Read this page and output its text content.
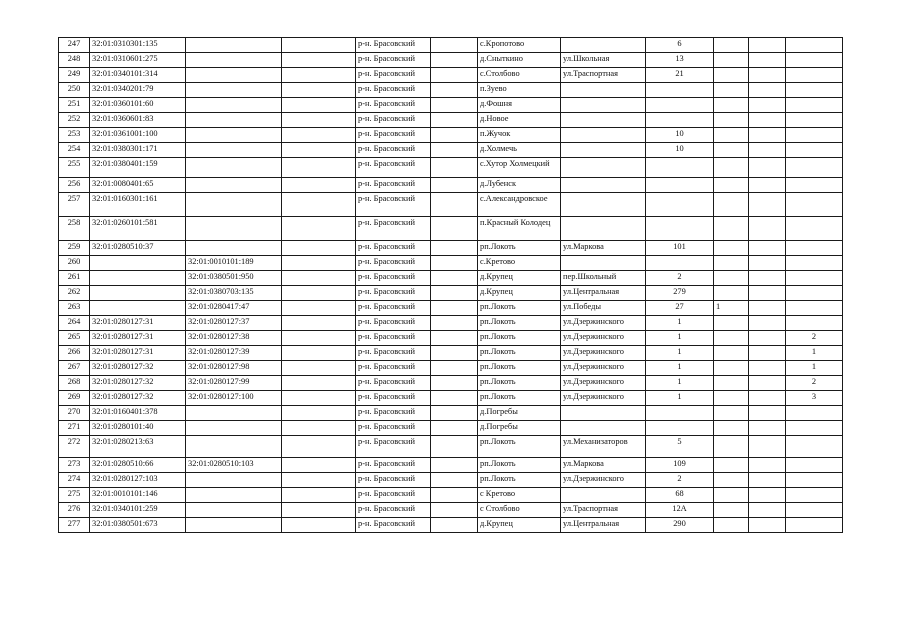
247	32:01:0310301:135			р-н. Брасовский		с.Кропотово		6			
248	32:01:0310601:275			р-н. Брасовский		д.Сныткино	ул.Школьная	13			
249	32:01:0340101:314			р-н. Брасовский		с.Столбово	ул.Траспортная	21			
250	32:01:0340201:79			р-н. Брасовский		п.Зуево					
251	32:01:0360101:60			р-н. Брасовский		д.Фошня					
252	32:01:0360601:83			р-н. Брасовский		д.Новое					
253	32:01:0361001:100			р-н. Брасовский		п.Жучок		10			
254	32:01:0380301:171			р-н. Брасовский		д.Холмечь		10			
255	32:01:0380401:159			р-н. Брасовский		с.Хутор Холмецкий					
256	32:01:0080401:65			р-н. Брасовский		д.Лубенск					
257	32:01:0160301:161			р-н. Брасовский		с.Александровское					
258	32:01:0260101:581			р-н. Брасовский		п.Красный Колодец					
259	32:01:0280510:37			р-н. Брасовский		рп.Локоть	ул.Маркова	101			
260		32:01:0010101:189		р-н. Брасовский		с.Кретово					
261		32:01:0380501:950		р-н. Брасовский		д.Крупец	пер.Школьный	2			
262		32:01:0380703:135		р-н. Брасовский		д.Крупец	ул.Центральная	279			
263		32:01:0280417:47		р-н. Брасовский		рп.Локоть	ул.Победы	27	1		
264	32:01:0280127:31	32:01:0280127:37		р-н. Брасовский		рп.Локоть	ул.Дзержинского	1			
265	32:01:0280127:31	32:01:0280127:38		р-н. Брасовский		рп.Локоть	ул.Дзержинского	1			2
266	32:01:0280127:31	32:01:0280127:39		р-н. Брасовский		рп.Локоть	ул.Дзержинского	1			1
267	32:01:0280127:32	32:01:0280127:98		р-н. Брасовский		рп.Локоть	ул.Дзержинского	1			1
268	32:01:0280127:32	32:01:0280127:99		р-н. Брасовский		рп.Локоть	ул.Дзержинского	1			2
269	32:01:0280127:32	32:01:0280127:100		р-н. Брасовский		рп.Локоть	ул.Дзержинского	1			3
270	32:01:0160401:378			р-н. Брасовский		д.Погребы					
271	32:01:0280101:40			р-н. Брасовский		д.Погребы					
272	32:01:0280213:63			р-н. Брасовский		рп.Локоть	ул.Механизаторов	5			
273	32:01:0280510:66	32:01:0280510:103		р-н. Брасовский		рп.Локоть	ул.Маркова	109			
274	32:01:0280127:103			р-н. Брасовский		рп.Локоть	ул.Дзержинского	2			
275	32:01:0010101:146			р-н. Брасовский		с Кретово		68			
276	32:01:0340101:259			р-н. Брасовский		с Столбово	ул.Траспортная	12А			
277	32:01:0380501:673			р-н. Брасовский		д.Крупец	ул.Центральная	290			
